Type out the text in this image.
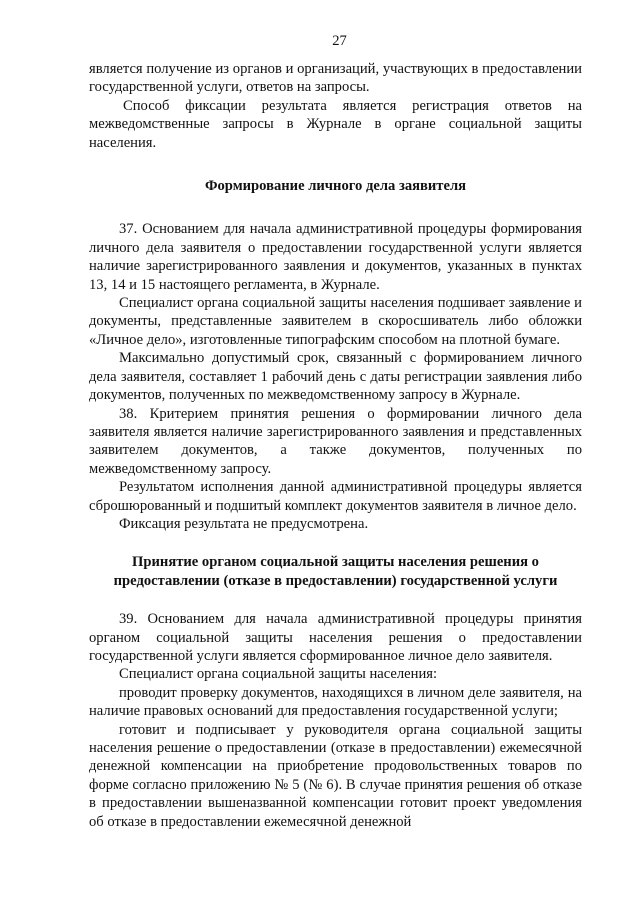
27

является получение из органов и организаций, участвующих в предоставлении государственной услуги, ответов на запросы.

Способ фиксации результата является регистрация ответов на межведомственные запросы в Журнале в органе социальной защиты населения.

Формирование личного дела заявителя

37. Основанием для начала административной процедуры формирования личного дела заявителя о предоставлении государственной услуги является наличие зарегистрированного заявления и документов, указанных в пунктах 13, 14 и 15 настоящего регламента, в Журнале.

Специалист органа социальной защиты населения подшивает заявление и документы, представленные заявителем в скоросшиватель либо обложки «Личное дело», изготовленные типографским способом на плотной бумаге.

Максимально допустимый срок, связанный с формированием личного дела заявителя, составляет 1 рабочий день с даты регистрации заявления либо документов, полученных по межведомственному запросу в Журнале.

38. Критерием принятия решения о формировании личного дела заявителя является наличие зарегистрированного заявления и представленных заявителем документов, а также документов, полученных по межведомственному запросу.

Результатом исполнения данной административной процедуры является сброшюрованный и подшитый комплект документов заявителя в личное дело.

Фиксация результата не предусмотрена.

Принятие органом социальной защиты населения решения о предоставлении (отказе в предоставлении) государственной услуги

39. Основанием для начала административной процедуры принятия органом социальной защиты населения решения о предоставлении государственной услуги является сформированное личное дело заявителя.

Специалист органа социальной защиты населения:

проводит проверку документов, находящихся в личном деле заявителя, на наличие правовых оснований для предоставления государственной услуги;

готовит и подписывает у руководителя органа социальной защиты населения решение о предоставлении (отказе в предоставлении) ежемесячной денежной компенсации на приобретение продовольственных товаров по форме согласно приложению № 5 (№ 6). В случае принятия решения об отказе в предоставлении вышеназванной компенсации готовит проект уведомления об отказе в предоставлении ежемесячной денежной
